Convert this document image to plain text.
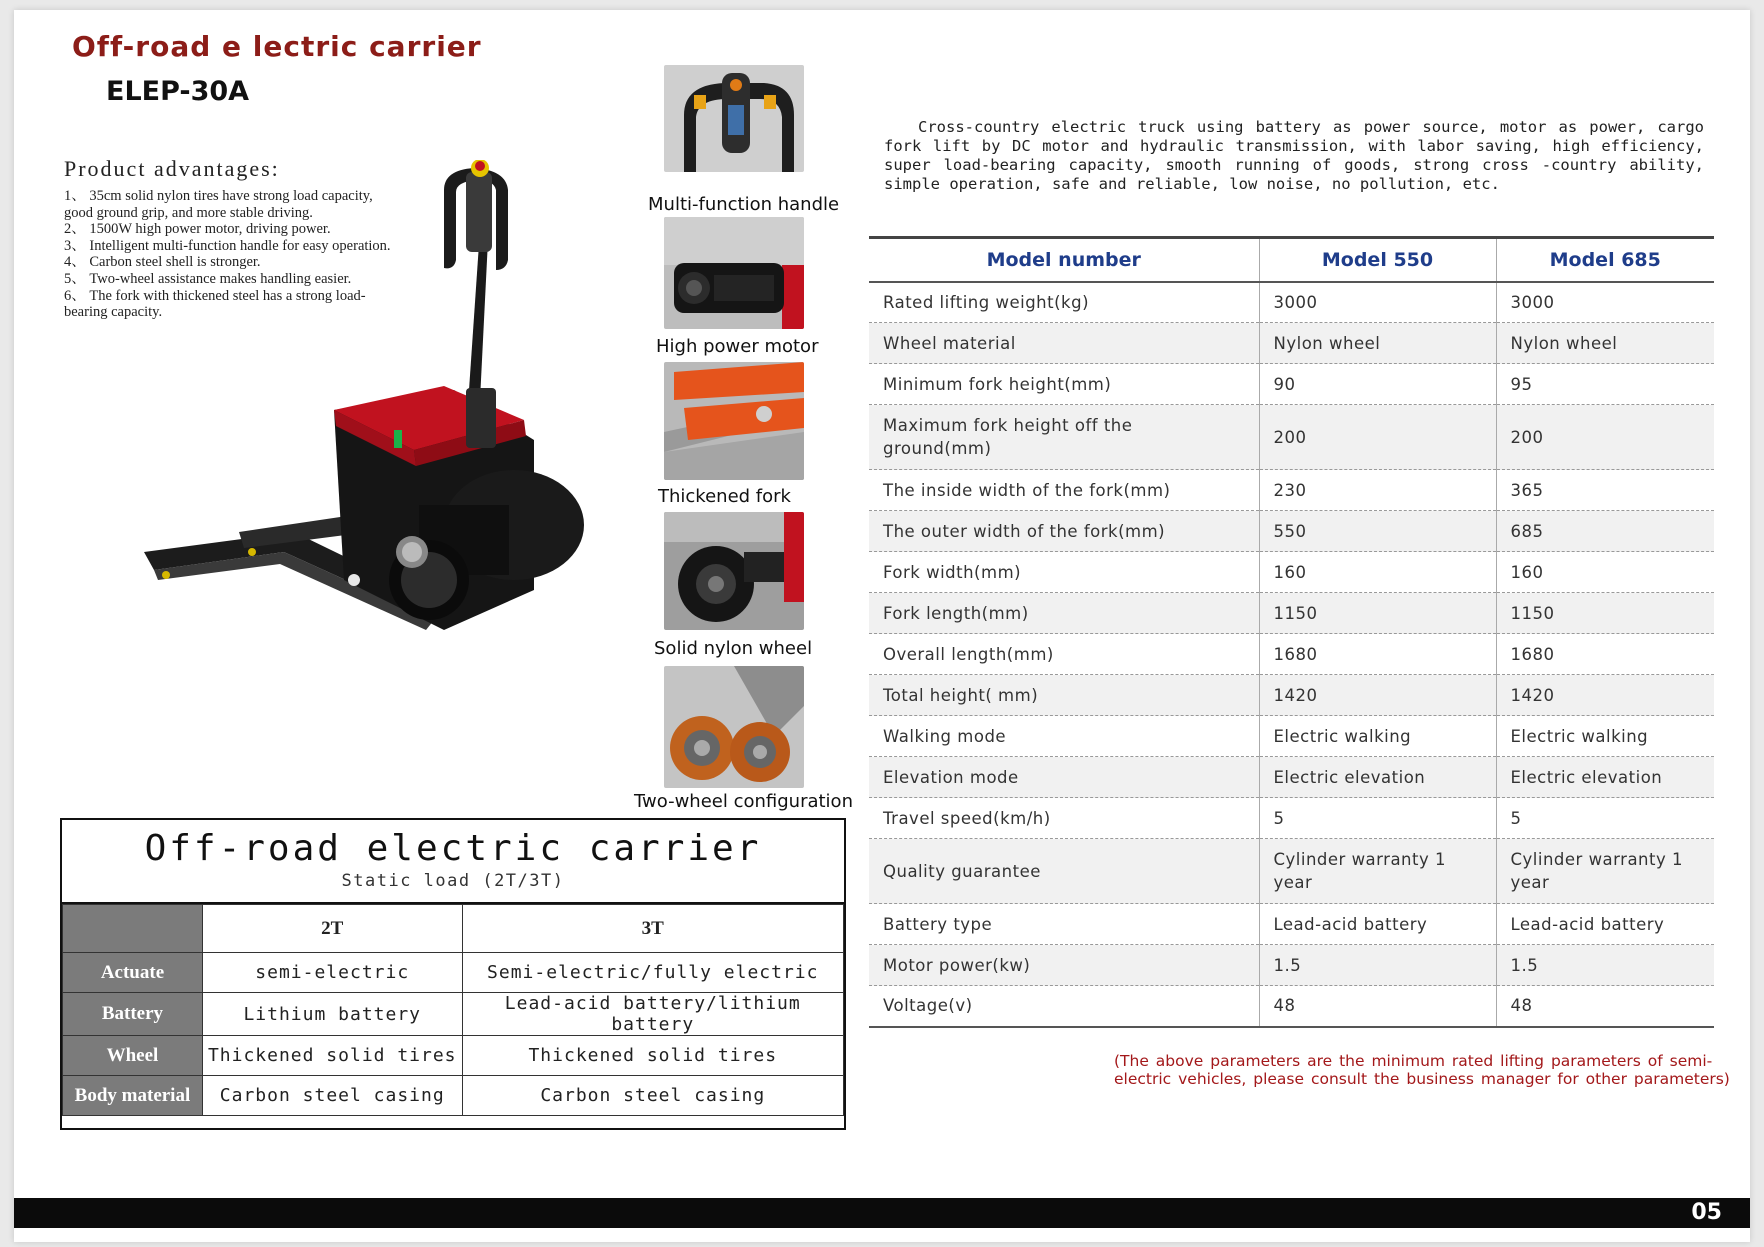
Off-road e lectric carrier
ELEP-30A
Product advantages:
1、 35cm solid nylon tires have strong load capacity, good ground grip, and more stable driving.
2、 1500W high power motor, driving power.
3、 Intelligent multi-function handle for easy operation.
4、 Carbon steel shell is stronger.
5、 Two-wheel assistance makes handling easier.
6、 The fork with thickened steel has a strong load-bearing capacity.
Multi-function handle
High power motor
Thickened fork
Solid nylon wheel
Two-wheel configuration
Cross-country electric truck using battery as power source, motor as power, cargo fork lift by DC motor and hydraulic transmission, with labor saving, high efficiency, super load-bearing capacity, smooth running of goods, strong cross -country ability, simple operation, safe and reliable, low noise, no pollution, etc.
Model number	Model 550	Model 685
Rated lifting weight(kg)	3000	3000
Wheel material	Nylon wheel	Nylon wheel
Minimum fork height(mm)	90	95
Maximum fork height off the ground(mm)	200	200
The inside width of the fork(mm)	230	365
The outer width of the fork(mm)	550	685
Fork width(mm)	160	160
Fork length(mm)	1150	1150
Overall length(mm)	1680	1680
Total height( mm)	1420	1420
Walking mode	Electric walking	Electric walking
Elevation mode	Electric elevation	Electric elevation
Travel speed(km/h)	5	5
Quality guarantee	Cylinder warranty 1 year	Cylinder warranty 1 year
Battery type	Lead-acid battery	Lead-acid battery
Motor power(kw)	1.5	1.5
Voltage(v)	48	48
(The above parameters are the minimum rated lifting parameters of semi-electric vehicles, please consult the business manager for other parameters)
Off-road electric carrier
Static load (2T/3T)
	2T	3T
Actuate	semi-electric	Semi-electric/fully electric
Battery	Lithium battery	Lead-acid battery/lithium battery
Wheel	Thickened solid tires	Thickened solid tires
Body material	Carbon steel casing	Carbon steel casing
05
